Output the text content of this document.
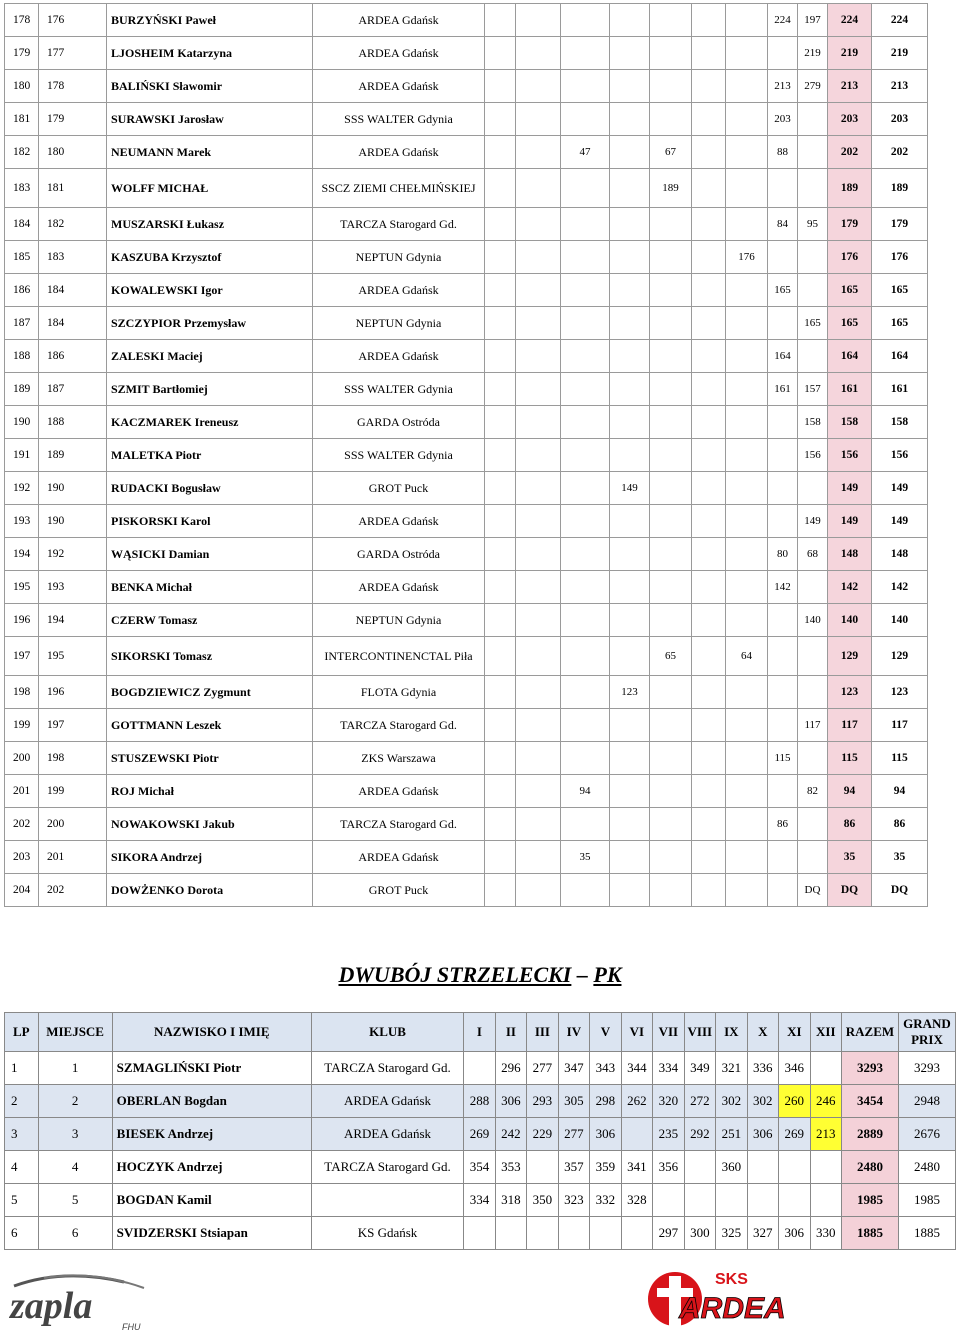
178	176	BURZYŃSKI Paweł	ARDEA Gdańsk								224	197	224	224
179	177	LJOSHEIM Katarzyna	ARDEA Gdańsk									219	219	219
180	178	BALIŃSKI Sławomir	ARDEA Gdańsk								213	279	213	213
181	179	SURAWSKI Jarosław	SSS WALTER Gdynia								203		203	203
182	180	NEUMANN Marek	ARDEA Gdańsk			47		67			88		202	202
183	181	WOLFF MICHAŁ	SSCZ ZIEMI CHEŁMIŃSKIEJ					189					189	189
184	182	MUSZARSKI Łukasz	TARCZA Starogard Gd.								84	95	179	179
185	183	KASZUBA Krzysztof	NEPTUN Gdynia							176			176	176
186	184	KOWALEWSKI Igor	ARDEA Gdańsk								165		165	165
187	184	SZCZYPIOR Przemysław	NEPTUN Gdynia									165	165	165
188	186	ZALESKI Maciej	ARDEA Gdańsk								164		164	164
189	187	SZMIT Bartłomiej	SSS WALTER Gdynia								161	157	161	161
190	188	KACZMAREK Ireneusz	GARDA Ostróda									158	158	158
191	189	MALETKA Piotr	SSS WALTER Gdynia									156	156	156
192	190	RUDACKI Bogusław	GROT Puck				149						149	149
193	190	PISKORSKI Karol	ARDEA Gdańsk									149	149	149
194	192	WĄSICKI Damian	GARDA Ostróda								80	68	148	148
195	193	BENKA Michał	ARDEA Gdańsk								142		142	142
196	194	CZERW Tomasz	NEPTUN Gdynia									140	140	140
197	195	SIKORSKI Tomasz	INTERCONTINENCTAL Piła					65		64			129	129
198	196	BOGDZIEWICZ Zygmunt	FLOTA Gdynia				123						123	123
199	197	GOTTMANN Leszek	TARCZA Starogard Gd.									117	117	117
200	198	STUSZEWSKI Piotr	ZKS Warszawa								115		115	115
201	199	ROJ Michał	ARDEA Gdańsk			94						82	94	94
202	200	NOWAKOWSKI Jakub	TARCZA Starogard Gd.								86		86	86
203	201	SIKORA Andrzej	ARDEA Gdańsk			35							35	35
204	202	DOWŻENKO Dorota	GROT Puck									DQ	DQ	DQ
DWUBÓJ STRZELECKI – PK
LP	MIEJSCE	NAZWISKO I IMIĘ	KLUB	I	II	III	IV	V	VI	VII	VIII	IX	X	XI	XII	RAZEM	GRAND PRIX
1	1	SZMAGLIŃSKI Piotr	TARCZA Starogard Gd.		296	277	347	343	344	334	349	321	336	346		3293	3293
2	2	OBERLAN Bogdan	ARDEA Gdańsk	288	306	293	305	298	262	320	272	302	302	260	246	3454	2948
3	3	BIESEK Andrzej	ARDEA Gdańsk	269	242	229	277	306		235	292	251	306	269	213	2889	2676
4	4	HOCZYK Andrzej	TARCZA Starogard Gd.	354	353		357	359	341	356		360				2480	2480
5	5	BOGDAN Kamil		334	318	350	323	332	328							1985	1985
6	6	SVIDZERSKI Stsiapan	KS Gdańsk							297	300	325	327	306	330	1885	1885
zapla	FHU
SKS
ARDEA
